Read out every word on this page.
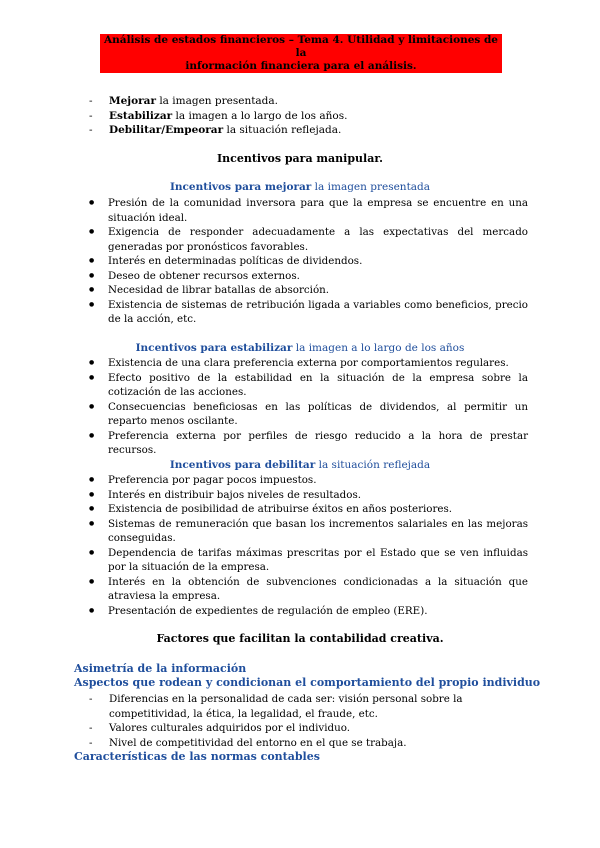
Análisis de estados financieros – Tema 4. Utilidad y limitaciones de la
información financiera para el análisis.
- Mejorar la imagen presentada.
- Estabilizar la imagen a lo largo de los años.
- Debilitar/Empeorar la situación reflejada.
Incentivos para manipular.
Incentivos para mejorar la imagen presentada
● Presión de la comunidad inversora para que la empresa se encuentre en una situación ideal.
● Exigencia de responder adecuadamente a las expectativas del mercado generadas por pronósticos favorables.
● Interés en determinadas políticas de dividendos.
● Deseo de obtener recursos externos.
● Necesidad de librar batallas de absorción.
● Existencia de sistemas de retribución ligada a variables como beneficios, precio de la acción, etc.
Incentivos para estabilizar la imagen a lo largo de los años
● Existencia de una clara preferencia externa por comportamientos regulares.
● Efecto positivo de la estabilidad en la situación de la empresa sobre la cotización de las acciones.
● Consecuencias beneficiosas en las políticas de dividendos, al permitir un reparto menos oscilante.
● Preferencia externa por perfiles de riesgo reducido a la hora de prestar recursos.
Incentivos para debilitar la situación reflejada
● Preferencia por pagar pocos impuestos.
● Interés en distribuir bajos niveles de resultados.
● Existencia de posibilidad de atribuirse éxitos en años posteriores.
● Sistemas de remuneración que basan los incrementos salariales en las mejoras conseguidas.
● Dependencia de tarifas máximas prescritas por el Estado que se ven influidas por la situación de la empresa.
● Interés en la obtención de subvenciones condicionadas a la situación que atraviesa la empresa.
● Presentación de expedientes de regulación de empleo (ERE).
Factores que facilitan la contabilidad creativa.
Asimetría de la información
Aspectos que rodean y condicionan el comportamiento del propio individuo
- Diferencias en la personalidad de cada ser: visión personal sobre la competitividad, la ética, la legalidad, el fraude, etc.
- Valores culturales adquiridos por el individuo.
- Nivel de competitividad del entorno en el que se trabaja.
Características de las normas contables
